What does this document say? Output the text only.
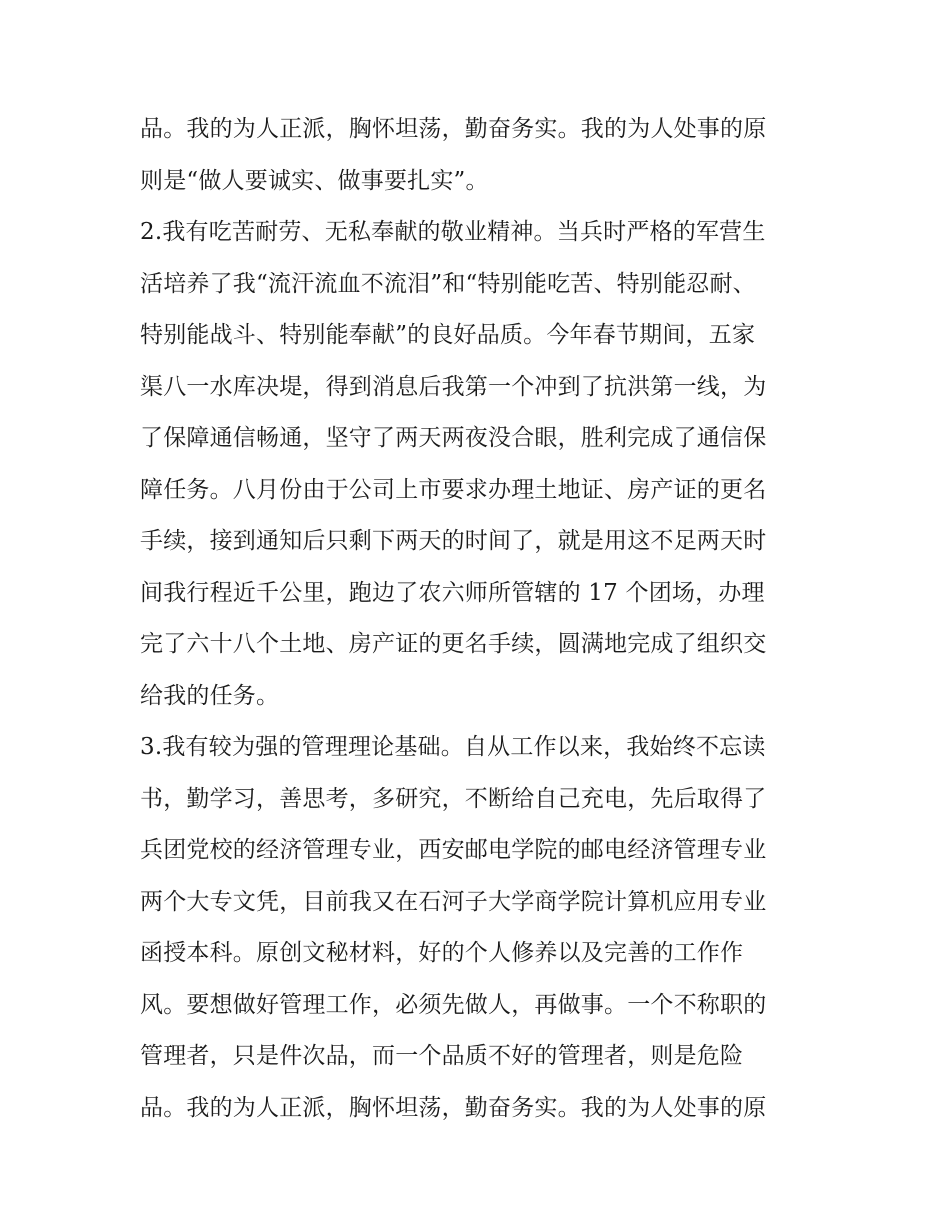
品。我的为人正派，胸怀坦荡，勤奋务实。我的为人处事的原
则是“做人要诚实、做事要扎实”。
2.我有吃苦耐劳、无私奉献的敬业精神。当兵时严格的军营生
活培养了我“流汗流血不流泪”和“特别能吃苦、特别能忍耐、
特别能战斗、特别能奉献”的良好品质。今年春节期间，五家
渠八一水库决堤，得到消息后我第一个冲到了抗洪第一线，为
了保障通信畅通，坚守了两天两夜没合眼，胜利完成了通信保
障任务。八月份由于公司上市要求办理土地证、房产证的更名
手续，接到通知后只剩下两天的时间了，就是用这不足两天时
间我行程近千公里，跑边了农六师所管辖的 17 个团场，办理
完了六十八个土地、房产证的更名手续，圆满地完成了组织交
给我的任务。
3.我有较为强的管理理论基础。自从工作以来，我始终不忘读
书，勤学习，善思考，多研究，不断给自己充电，先后取得了
兵团党校的经济管理专业，西安邮电学院的邮电经济管理专业
两个大专文凭，目前我又在石河子大学商学院计算机应用专业
函授本科。原创文秘材料，好的个人修养以及完善的工作作
风。要想做好管理工作，必须先做人，再做事。一个不称职的
管理者，只是件次品，而一个品质不好的管理者，则是危险
品。我的为人正派，胸怀坦荡，勤奋务实。我的为人处事的原
